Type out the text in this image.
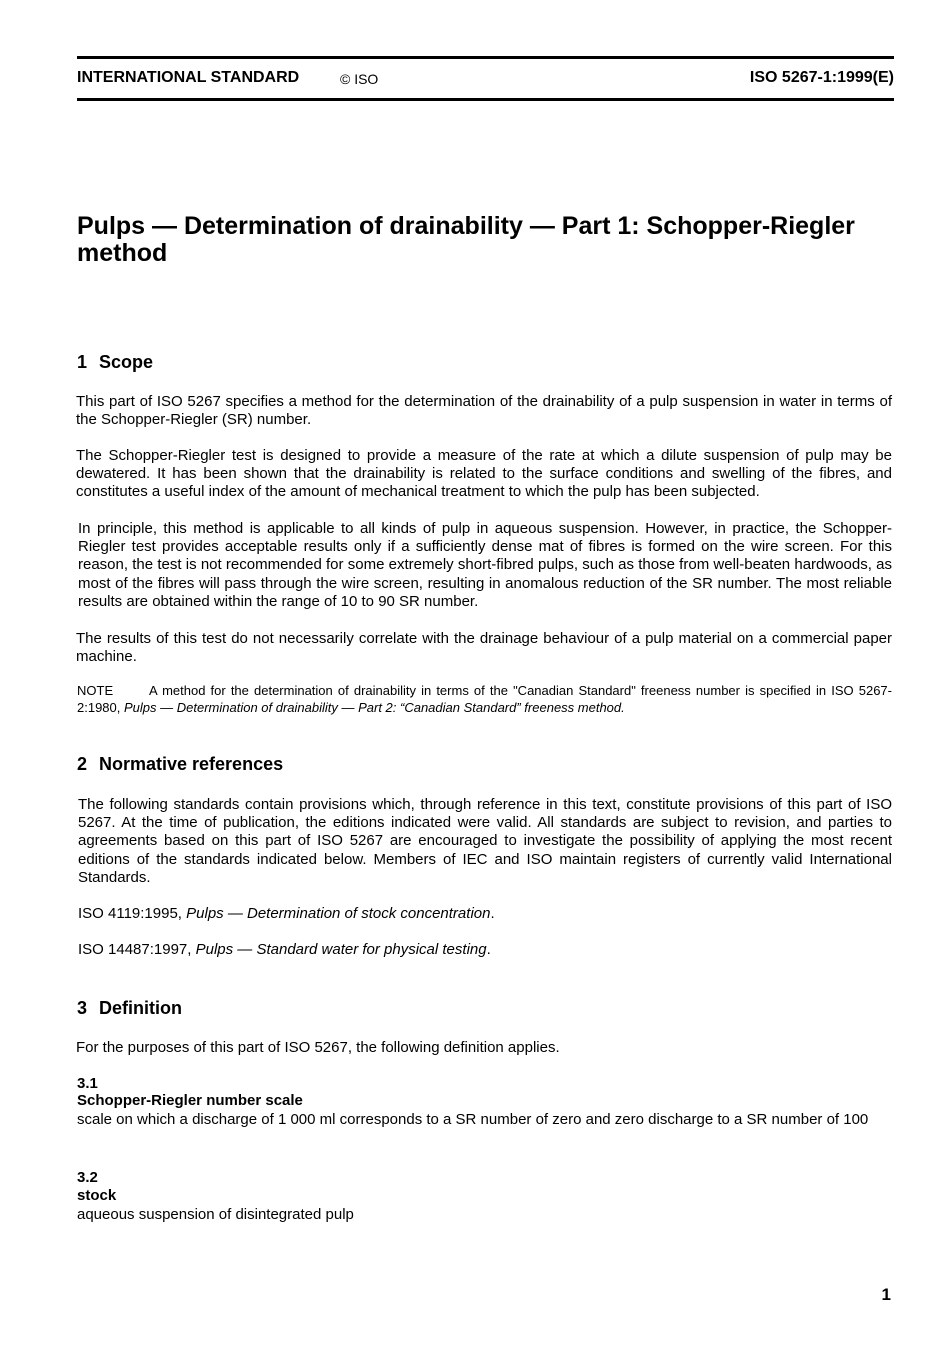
INTERNATIONAL STANDARD	© ISO	ISO 5267-1:1999(E)
Pulps — Determination of drainability — Part 1: Schopper-Riegler method
1 Scope

This part of ISO 5267 specifies a method for the determination of the drainability of a pulp suspension in water in terms of the Schopper-Riegler (SR) number.

The Schopper-Riegler test is designed to provide a measure of the rate at which a dilute suspension of pulp may be dewatered. It has been shown that the drainability is related to the surface conditions and swelling of the fibres, and constitutes a useful index of the amount of mechanical treatment to which the pulp has been subjected.

In principle, this method is applicable to all kinds of pulp in aqueous suspension. However, in practice, the Schopper-Riegler test provides acceptable results only if a sufficiently dense mat of fibres is formed on the wire screen. For this reason, the test is not recommended for some extremely short-fibred pulps, such as those from well-beaten hardwoods, as most of the fibres will pass through the wire screen, resulting in anomalous reduction of the SR number. The most reliable results are obtained within the range of 10 to 90 SR number.

The results of this test do not necessarily correlate with the drainage behaviour of a pulp material on a commercial paper machine.

NOTE	A method for the determination of drainability in terms of the "Canadian Standard" freeness number is specified in ISO 5267-2:1980, Pulps — Determination of drainability — Part 2: “Canadian Standard” freeness method.

2 Normative references

The following standards contain provisions which, through reference in this text, constitute provisions of this part of ISO 5267. At the time of publication, the editions indicated were valid. All standards are subject to revision, and parties to agreements based on this part of ISO 5267 are encouraged to investigate the possibility of applying the most recent editions of the standards indicated below. Members of IEC and ISO maintain registers of currently valid International Standards.

ISO 4119:1995, Pulps — Determination of stock concentration.

ISO 14487:1997, Pulps — Standard water for physical testing.

3 Definition

For the purposes of this part of ISO 5267, the following definition applies.

3.1

Schopper-Riegler number scale

scale on which a discharge of 1 000 ml corresponds to a SR number of zero and zero discharge to a SR number of 100

3.2

stock

aqueous suspension of disintegrated pulp

1
